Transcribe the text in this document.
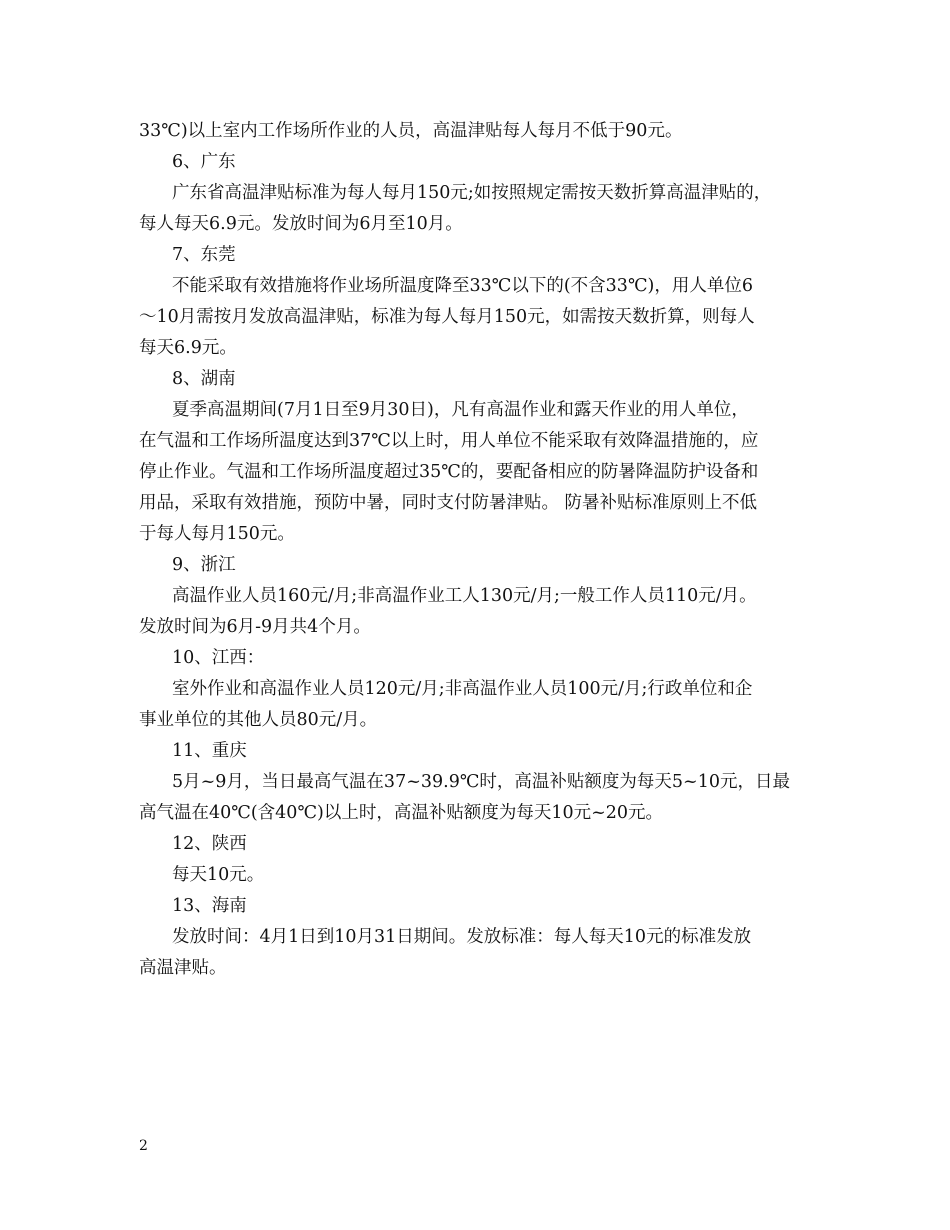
33℃)以上室内工作场所作业的人员，高温津贴每人每月不低于90元。
6、广东
广东省高温津贴标准为每人每月150元;如按照规定需按天数折算高温津贴的，
每人每天6.9元。发放时间为6月至10月。
7、东莞
不能采取有效措施将作业场所温度降至33℃以下的(不含33℃)，用人单位6
～10月需按月发放高温津贴，标准为每人每月150元，如需按天数折算，则每人
每天6.9元。
8、湖南
夏季高温期间(7月1日至9月30日)，凡有高温作业和露天作业的用人单位，
在气温和工作场所温度达到37℃以上时，用人单位不能采取有效降温措施的，应
停止作业。气温和工作场所温度超过35℃的，要配备相应的防暑降温防护设备和
用品，采取有效措施，预防中暑，同时支付防暑津贴。 防暑补贴标准原则上不低
于每人每月150元。
9、浙江
高温作业人员160元/月;非高温作业工人130元/月;一般工作人员110元/月。
发放时间为6月-9月共4个月。
10、江西：
室外作业和高温作业人员120元/月;非高温作业人员100元/月;行政单位和企
事业单位的其他人员80元/月。
11、重庆
5月~9月，当日最高气温在37~39.9℃时，高温补贴额度为每天5~10元，日最
高气温在40℃(含40℃)以上时，高温补贴额度为每天10元~20元。
12、陕西
每天10元。
13、海南
发放时间：4月1日到10月31日期间。发放标准：每人每天10元的标准发放
高温津贴。
2
